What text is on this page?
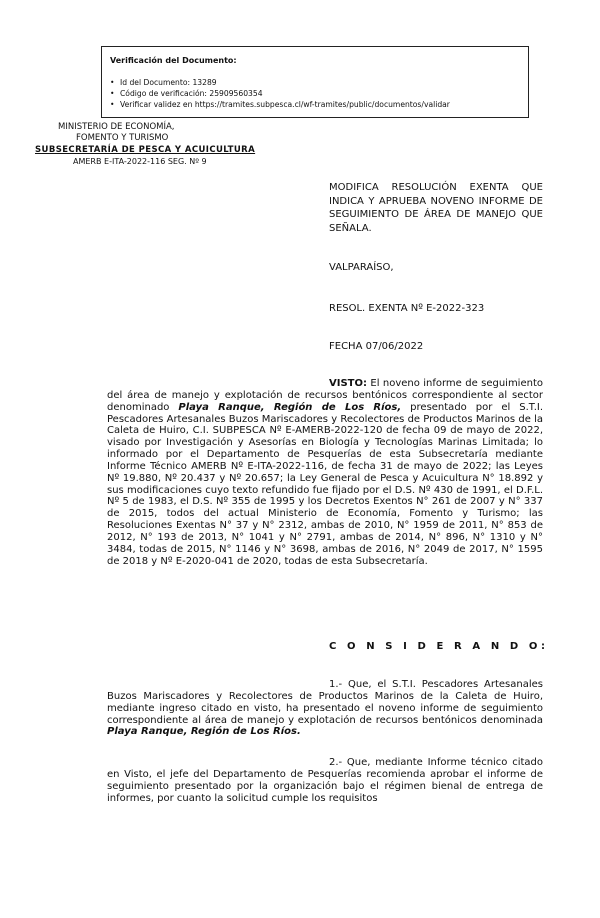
Verificación del Documento:
• Id del Documento: 13289
• Código de verificación: 25909560354
• Verificar validez en https://tramites.subpesca.cl/wf-tramites/public/documentos/validar
MINISTERIO DE ECONOMÍA,
FOMENTO Y TURISMO
SUBSECRETARÍA DE PESCA Y ACUICULTURA
AMERB E-ITA-2022-116 SEG. Nº 9
MODIFICA RESOLUCIÓN EXENTA QUE INDICA Y APRUEBA NOVENO INFORME DE SEGUIMIENTO DE ÁREA DE MANEJO QUE SEÑALA.
VALPARAÍSO,
RESOL. EXENTA Nº E-2022-323
FECHA 07/06/2022
VISTO: El noveno informe de seguimiento del área de manejo y explotación de recursos bentónicos correspondiente al sector denominado Playa Ranque, Región de Los Ríos, presentado por el S.T.I. Pescadores Artesanales Buzos Mariscadores y Recolectores de Productos Marinos de la Caleta de Huiro, C.I. SUBPESCA Nº E-AMERB-2022-120 de fecha 09 de mayo de 2022, visado por Investigación y Asesorías en Biología y Tecnologías Marinas Limitada; lo informado por el Departamento de Pesquerías de esta Subsecretaría mediante Informe Técnico AMERB Nº E-ITA-2022-116, de fecha 31 de mayo de 2022; las Leyes Nº 19.880, Nº 20.437 y Nº 20.657; la Ley General de Pesca y Acuicultura N° 18.892 y sus modificaciones cuyo texto refundido fue fijado por el D.S. Nº 430 de 1991, el D.F.L. Nº 5 de 1983, el D.S. Nº 355 de 1995 y los Decretos Exentos N° 261 de 2007 y N° 337 de 2015, todos del actual Ministerio de Economía, Fomento y Turismo; las Resoluciones Exentas N° 37 y N° 2312, ambas de 2010, N° 1959 de 2011, N° 853 de 2012, N° 193 de 2013, N° 1041 y N° 2791, ambas de 2014, N° 896, N° 1310 y N° 3484, todas de 2015, N° 1146 y N° 3698, ambas de 2016, N° 2049 de 2017, N° 1595 de 2018 y Nº E-2020-041 de 2020, todas de esta Subsecretaría.
C O N S I D E R A N D O:
1.- Que, el S.T.I. Pescadores Artesanales Buzos Mariscadores y Recolectores de Productos Marinos de la Caleta de Huiro, mediante ingreso citado en visto, ha presentado el noveno informe de seguimiento correspondiente al área de manejo y explotación de recursos bentónicos denominada Playa Ranque, Región de Los Ríos.
2.- Que, mediante Informe técnico citado en Visto, el jefe del Departamento de Pesquerías recomienda aprobar el informe de seguimiento presentado por la organización bajo el régimen bienal de entrega de informes, por cuanto la solicitud cumple los requisitos
